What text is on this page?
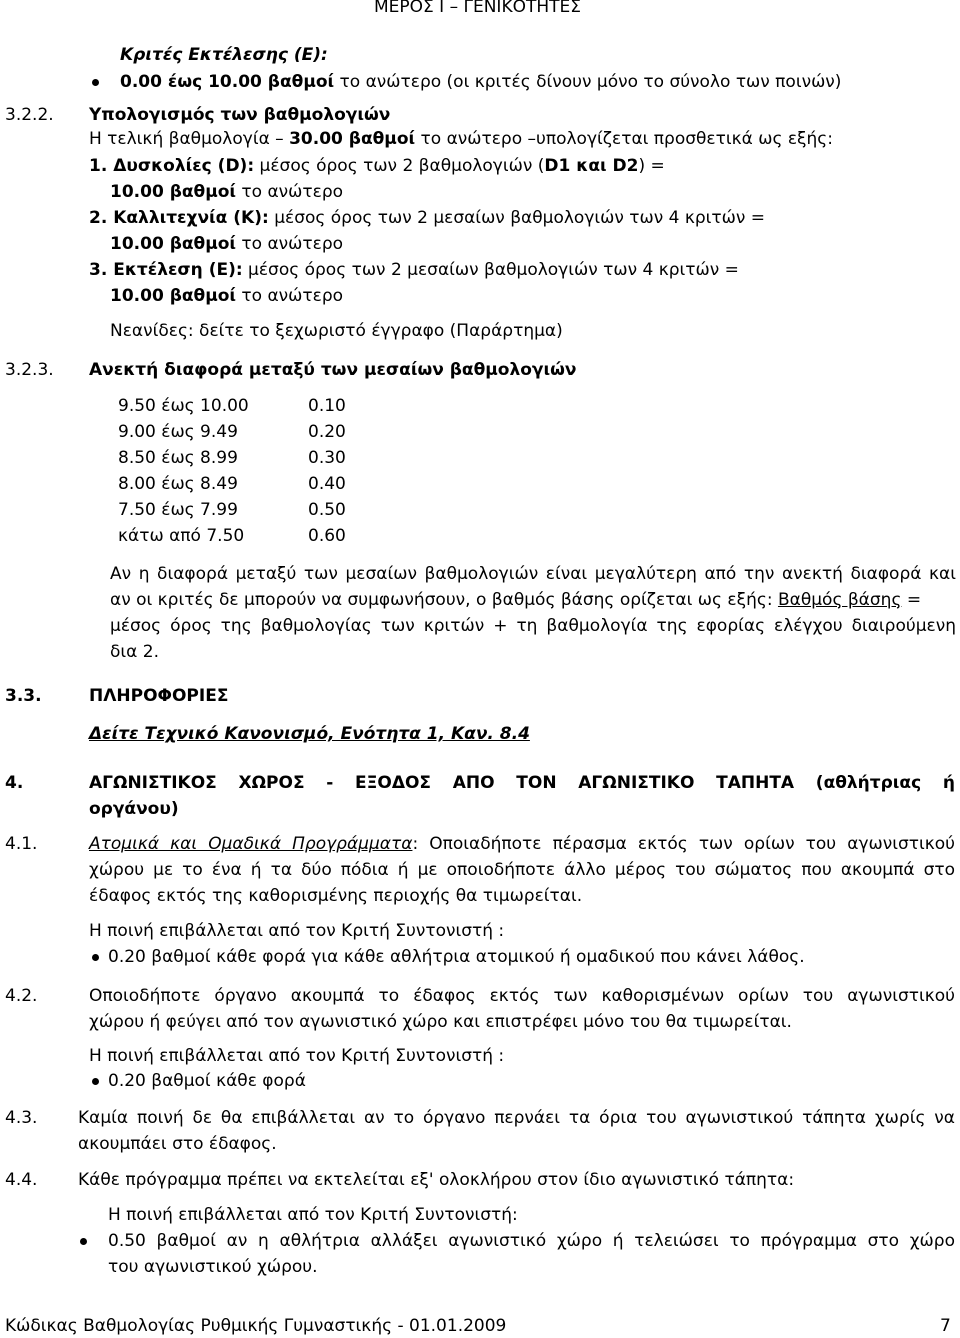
ΜΕΡΟΣ Ι – ΓΕΝΙΚΟΤΗΤΕΣ
Κριτές Εκτέλεσης (Ε):
0.00 έως 10.00 βαθμοί το ανώτερο (οι κριτές δίνουν μόνο το σύνολο των ποινών)
3.2.2. Υπολογισμός των βαθμολογιών
Η τελική βαθμολογία – 30.00 βαθμοί το ανώτερο –υπολογίζεται προσθετικά ως εξής:
1. Δυσκολίες (D): μέσος όρος των 2 βαθμολογιών (D1 και D2) =
10.00 βαθμοί το ανώτερο
2. Καλλιτεχνία (Κ): μέσος όρος των 2 μεσαίων βαθμολογιών των 4 κριτών =
10.00 βαθμοί το ανώτερο
3. Εκτέλεση (Ε): μέσος όρος των 2 μεσαίων βαθμολογιών των 4 κριτών =
10.00 βαθμοί το ανώτερο
Νεανίδες: δείτε το ξεχωριστό έγγραφο (Παράρτημα)
3.2.3. Ανεκτή διαφορά μεταξύ των μεσαίων βαθμολογιών
9.50 έως 10.00	0.10
9.00 έως 9.49	0.20
8.50 έως 8.99	0.30
8.00 έως 8.49	0.40
7.50 έως 7.99	0.50
κάτω από 7.50	0.60
Αν η διαφορά μεταξύ των μεσαίων βαθμολογιών είναι μεγαλύτερη από την ανεκτή διαφορά και
αν οι κριτές δε μπορούν να συμφωνήσουν, ο βαθμός βάσης ορίζεται ως εξής: Βαθμός βάσης =
μέσος όρος της βαθμολογίας των κριτών + τη βαθμολογία της εφορίας ελέγχου διαιρούμενη
δια 2.
3.3.	ΠΛΗΡΟΦΟΡΙΕΣ
Δείτε Τεχνικό Κανονισμό, Ενότητα 1, Καν. 8.4
4.	ΑΓΩΝΙΣΤΙΚΟΣ ΧΩΡΟΣ - ΕΞΟΔΟΣ ΑΠΟ ΤΟΝ ΑΓΩΝΙΣΤΙΚΟ ΤΑΠΗΤΑ (αθλήτριας ή
οργάνου)
4.1.	Ατομικά και Ομαδικά Προγράμματα: Οποιαδήποτε πέρασμα εκτός των ορίων του αγωνιστικού
χώρου με το ένα ή τα δύο πόδια ή με οποιοδήποτε άλλο μέρος του σώματος που ακουμπά στο
έδαφος εκτός της καθορισμένης περιοχής θα τιμωρείται.
Η ποινή επιβάλλεται από τον Κριτή Συντονιστή :
0.20 βαθμοί κάθε φορά για κάθε αθλήτρια ατομικού ή ομαδικού που κάνει λάθος.
4.2.	Οποιοδήποτε όργανο ακουμπά το έδαφος εκτός των καθορισμένων ορίων του αγωνιστικού
χώρου ή φεύγει από τον αγωνιστικό χώρο και επιστρέφει μόνο του θα τιμωρείται.
Η ποινή επιβάλλεται από τον Κριτή Συντονιστή :
0.20 βαθμοί κάθε φορά
4.3. Καμία ποινή δε θα επιβάλλεται αν το όργανο περνάει τα όρια του αγωνιστικού τάπητα χωρίς να
ακουμπάει στο έδαφος.
4.4. Κάθε πρόγραμμα πρέπει να εκτελείται εξ' ολοκλήρου στον ίδιο αγωνιστικό τάπητα:
Η ποινή επιβάλλεται από τον Κριτή Συντονιστή:
0.50 βαθμοί αν η αθλήτρια αλλάξει αγωνιστικό χώρο ή τελειώσει το πρόγραμμα στο χώρο
του αγωνιστικού χώρου.
Κώδικας Βαθμολογίας Ρυθμικής Γυμναστικής - 01.01.2009	7
